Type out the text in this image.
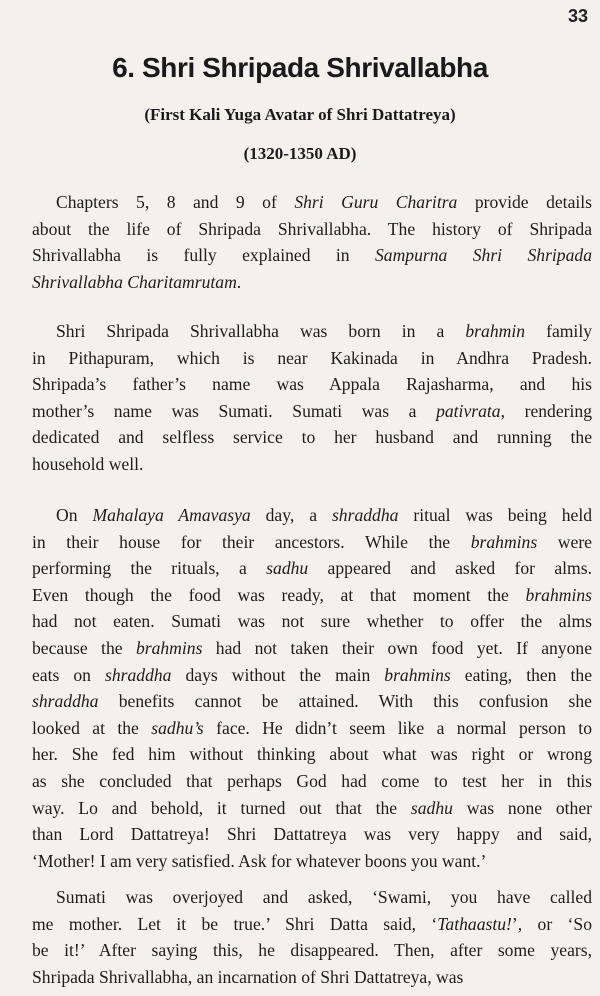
33
6. Shri Shripada Shrivallabha
(First Kali Yuga Avatar of Shri Dattatreya)
(1320-1350 AD)
Chapters 5, 8 and 9 of Shri Guru Charitra provide details
about the life of Shripada Shrivallabha. The history of Shripada
Shrivallabha is fully explained in Sampurna Shri Shripada
Shrivallabha Charitamrutam.
Shri Shripada Shrivallabha was born in a brahmin family
in Pithapuram, which is near Kakinada in Andhra Pradesh.
Shripada’s father’s name was Appala Rajasharma, and his
mother’s name was Sumati. Sumati was a pativrata, rendering
dedicated and selfless service to her husband and running the
household well.
On Mahalaya Amavasya day, a shraddha ritual was being held
in their house for their ancestors. While the brahmins were
performing the rituals, a sadhu appeared and asked for alms.
Even though the food was ready, at that moment the brahmins
had not eaten. Sumati was not sure whether to offer the alms
because the brahmins had not taken their own food yet. If anyone
eats on shraddha days without the main brahmins eating, then the
shraddha benefits cannot be attained. With this confusion she
looked at the sadhu’s face. He didn’t seem like a normal person to
her. She fed him without thinking about what was right or wrong
as she concluded that perhaps God had come to test her in this
way. Lo and behold, it turned out that the sadhu was none other
than Lord Dattatreya! Shri Dattatreya was very happy and said,
‘Mother! I am very satisfied. Ask for whatever boons you want.’
Sumati was overjoyed and asked, ‘Swami, you have called
me mother. Let it be true.’ Shri Datta said, ‘Tathaastu!’, or ‘So
be it!’ After saying this, he disappeared. Then, after some years,
Shripada Shrivallabha, an incarnation of Shri Dattatreya, was
